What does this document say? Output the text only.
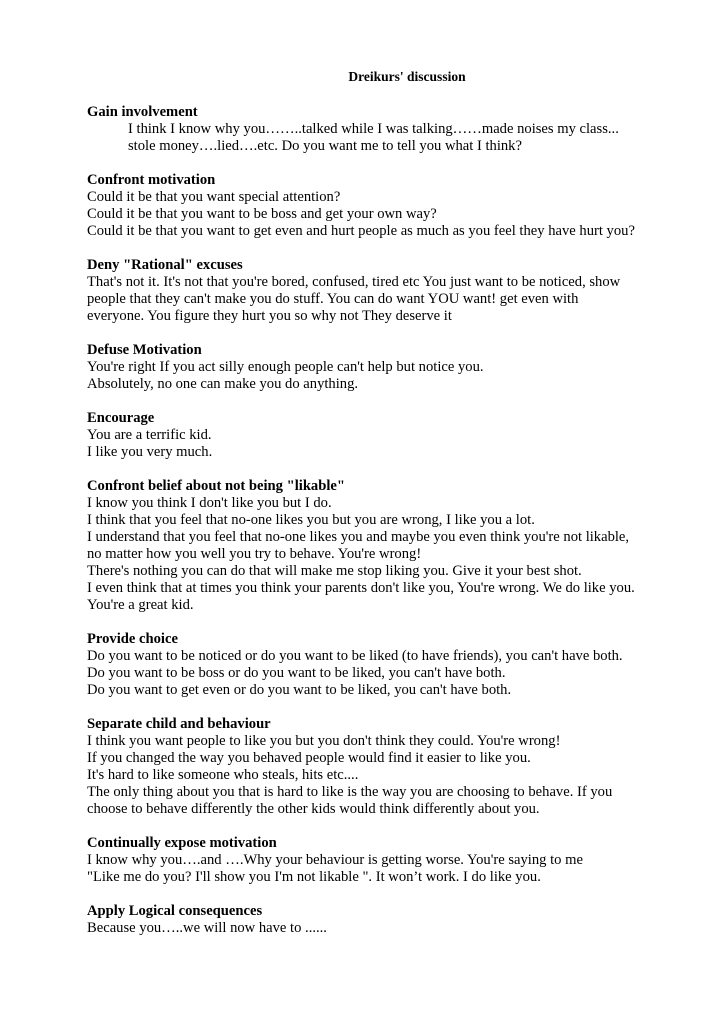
Dreikurs' discussion
Gain involvement
I think I know why you……..talked while I was talking……made noises my class...
stole money….lied….etc. Do you want me to tell you what I think?
Confront motivation
Could it be that you want special attention?
Could it be that you want to be boss and get your own way?
Could it be that you want to get even and hurt people as much as you feel they have hurt you?
Deny "Rational" excuses
That's not it. It's not that you're bored, confused, tired etc You just want to be noticed, show
people that they can't make you do stuff. You can do want YOU want! get even with
everyone. You figure they hurt you so why not They deserve it
Defuse Motivation
You're right If you act silly enough people can't help but notice you.
Absolutely, no one can make you do anything.
Encourage
You are a terrific kid.
I like you very much.
Confront belief about not being "likable"
I know you think I don't like you but I do.
I think that you feel that no-one likes you but you are wrong, I like you a lot.
I understand that you feel that no-one likes you and maybe you even think you're not likable,
no matter how you well you try to behave. You're wrong!
There's nothing you can do that will make me stop liking you. Give it your best shot.
I even think that at times you think your parents don't like you, You're wrong. We do like you.
You're a great kid.
Provide choice
Do you want to be noticed or do you want to be liked (to have friends), you can't have both.
Do you want to be boss or do you want to be liked, you can't have both.
Do you want to get even or do you want to be liked, you can't have both.
Separate child and behaviour
I think you want people to like you but you don't think they could. You're wrong!
If you changed the way you behaved people would find it easier to like you.
It's hard to like someone who steals, hits etc....
The only thing about you that is hard to like is the way you are choosing to behave. If you
choose to behave differently the other kids would think differently about you.
Continually expose motivation
I know why you….and ….Why your behaviour is getting worse. You're saying to me
"Like me do you? I'll show you I'm not likable ". It won’t work. I do like you.
Apply Logical consequences
Because you…..we will now have to ......
